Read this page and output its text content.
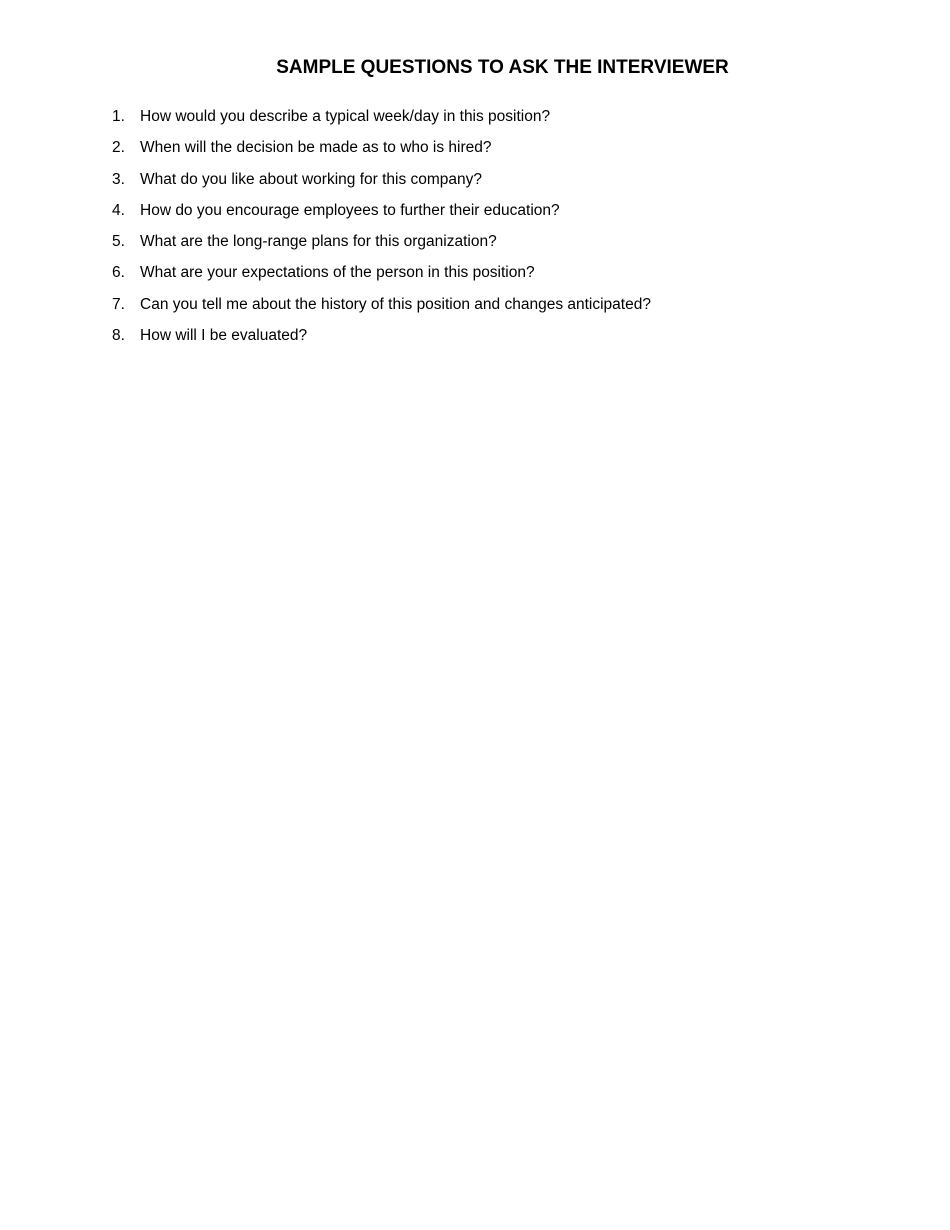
SAMPLE QUESTIONS TO ASK THE INTERVIEWER
1. How would you describe a typical week/day in this position?
2. When will the decision be made as to who is hired?
3. What do you like about working for this company?
4. How do you encourage employees to further their education?
5. What are the long-range plans for this organization?
6. What are your expectations of the person in this position?
7. Can you tell me about the history of this position and changes anticipated?
8. How will I be evaluated?
